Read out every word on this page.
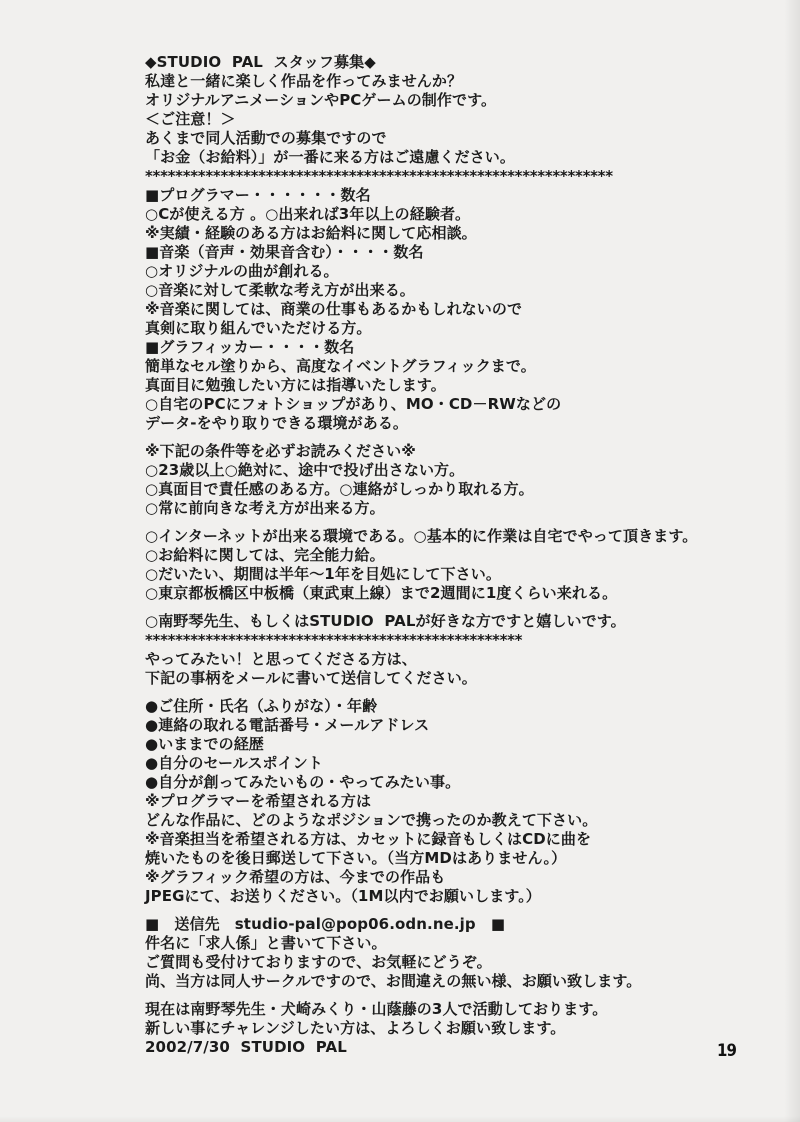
◆STUDIO  PAL  スタッフ募集◆
私達と一緒に楽しく作品を作ってみませんか？
オリジナルアニメーションやPCゲームの制作です。
＜ご注意！＞
あくまで同人活動での募集ですので
「お金（お給料）」が一番に来る方はご遠慮ください。
**************************************************************
■プログラマー・・・・・・数名
○Cが使える方 。○出来れば3年以上の経験者。
※実績・経験のある方はお給料に関して応相談。
■音楽（音声・効果音含む）・・・・数名
○オリジナルの曲が創れる。
○音楽に対して柔軟な考え方が出来る。
※音楽に関しては、商業の仕事もあるかもしれないので
真剣に取り組んでいただける方。
■グラフィッカー・・・・数名
簡単なセル塗りから、高度なイベントグラフィックまで。
真面目に勉強したい方には指導いたします。
○自宅のPCにフォトショップがあり、MO・CD－RWなどの
データ-をやり取りできる環境がある。
※下記の条件等を必ずお読みください※
○23歳以上○絶対に、途中で投げ出さない方。
○真面目で責任感のある方。○連絡がしっかり取れる方。
○常に前向きな考え方が出来る方。
○インターネットが出来る環境である。○基本的に作業は自宅でやって頂きます。
○お給料に関しては、完全能力給。
○だいたい、期間は半年～1年を目処にして下さい。
○東京都板橋区中板橋（東武東上線）まで2週間に1度くらい来れる。
○南野琴先生、もしくはSTUDIO  PALが好きな方ですと嬉しいです。
**************************************************
やってみたい！と思ってくださる方は、
下記の事柄をメールに書いて送信してください。
●ご住所・氏名（ふりがな）・年齢
●連絡の取れる電話番号・メールアドレス
●いままでの経歴
●自分のセールスポイント
●自分が創ってみたいもの・やってみたい事。
※プログラマーを希望される方は
どんな作品に、どのようなポジションで携ったのか教えて下さい。
※音楽担当を希望される方は、カセットに録音もしくはCDに曲を
焼いたものを後日郵送して下さい。（当方MDはありません。）
※グラフィック希望の方は、今までの作品も
JPEGにて、お送りください。（1M以内でお願いします。）
■　送信先　studio-pal@pop06.odn.ne.jp　■
件名に「求人係」と書いて下さい。
ご質問も受付けておりますので、お気軽にどうぞ。
尚、当方は同人サークルですので、お間違えの無い様、お願い致します。
現在は南野琴先生・犬崎みくり・山蔭藤の3人で活動しております。
新しい事にチャレンジしたい方は、よろしくお願い致します。
2002/7/30  STUDIO  PAL	19
